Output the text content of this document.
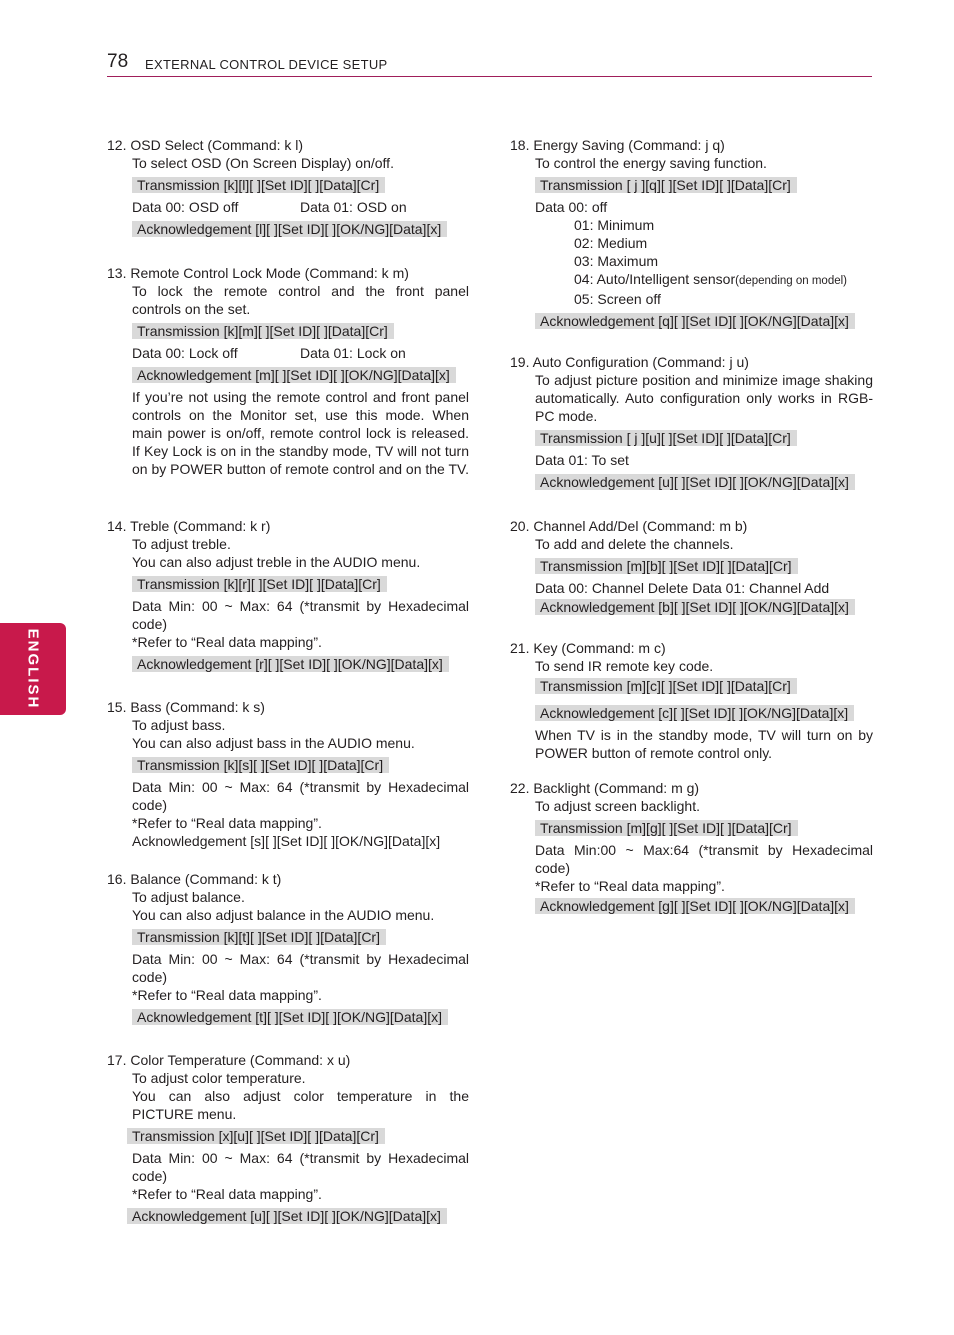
78 EXTERNAL CONTROL DEVICE SETUP
ENGLISH
12. OSD Select (Command: k l)
To select OSD (On Screen Display) on/off.
Transmission [k][l][ ][Set ID][ ][Data][Cr]
Data 00: OSD off	Data 01: OSD on
Acknowledgement [l][ ][Set ID][ ][OK/NG][Data][x]
13. Remote Control Lock Mode (Command: k m)
To lock the remote control and the front panel
controls on the set.
Transmission [k][m][ ][Set ID][ ][Data][Cr]
Data 00: Lock off	Data 01: Lock on
Acknowledgement [m][ ][Set ID][ ][OK/NG][Data][x]
If you’re not using the remote control and front panel controls on the Monitor set, use this mode. When main power is on/off, remote control lock is released. If Key Lock is on in the standby mode, TV will not turn on by POWER button of remote control and on the TV.
14. Treble (Command: k r)
To adjust treble.
You can also adjust treble in the AUDIO menu.
Transmission [k][r][ ][Set ID][ ][Data][Cr]
Data Min: 00 ~ Max: 64 (*transmit by Hexadecimal code)
*Refer to “Real data mapping”.
Acknowledgement [r][ ][Set ID][ ][OK/NG][Data][x]
15. Bass (Command: k s)
To adjust bass.
You can also adjust bass in the AUDIO menu.
Transmission [k][s][ ][Set ID][ ][Data][Cr]
Data Min: 00 ~ Max: 64 (*transmit by Hexadecimal code)
*Refer to “Real data mapping”.
Acknowledgement [s][ ][Set ID][ ][OK/NG][Data][x]
16. Balance (Command: k t)
To adjust balance.
You can also adjust balance in the AUDIO menu.
Transmission [k][t][ ][Set ID][ ][Data][Cr]
Data Min: 00 ~ Max: 64 (*transmit by Hexadecimal code)
*Refer to “Real data mapping”.
Acknowledgement [t][ ][Set ID][ ][OK/NG][Data][x]
17. Color Temperature (Command: x u)
To adjust color temperature.
You can also adjust color temperature in the
PICTURE menu.
Transmission [x][u][ ][Set ID][ ][Data][Cr]
Data Min: 00 ~ Max: 64 (*transmit by Hexadecimal code)
*Refer to “Real data mapping”.
Acknowledgement [u][ ][Set ID][ ][OK/NG][Data][x]
18. Energy Saving (Command: j q)
To control the energy saving function.
Transmission [ j ][q][ ][Set ID][ ][Data][Cr]
Data 00: off
01: Minimum
02: Medium
03: Maximum
04: Auto/Intelligent sensor(depending on model)
05: Screen off
Acknowledgement [q][ ][Set ID][ ][OK/NG][Data][x]
19. Auto Configuration (Command: j u)
To adjust picture position and minimize image shaking automatically. Auto configuration only works in RGB-PC mode.
Transmission [ j ][u][ ][Set ID][ ][Data][Cr]
Data 01: To set
Acknowledgement [u][ ][Set ID][ ][OK/NG][Data][x]
20. Channel Add/Del (Command: m b)
To add and delete the channels.
Transmission [m][b][ ][Set ID][ ][Data][Cr]
Data 00: Channel Delete Data 01: Channel Add
Acknowledgement [b][ ][Set ID][ ][OK/NG][Data][x]
21. Key (Command: m c)
To send IR remote key code.
Transmission [m][c][ ][Set ID][ ][Data][Cr] Acknowledgement [c][ ][Set ID][ ][OK/NG][Data][x]
When TV is in the standby mode, TV will turn on by POWER button of remote control only.
22. Backlight (Command: m g)
To adjust screen backlight.
Transmission [m][g][ ][Set ID][ ][Data][Cr]
Data Min:00 ~ Max:64 (*transmit by Hexadecimal code)
*Refer to “Real data mapping”.
Acknowledgement [g][ ][Set ID][ ][OK/NG][Data][x]
